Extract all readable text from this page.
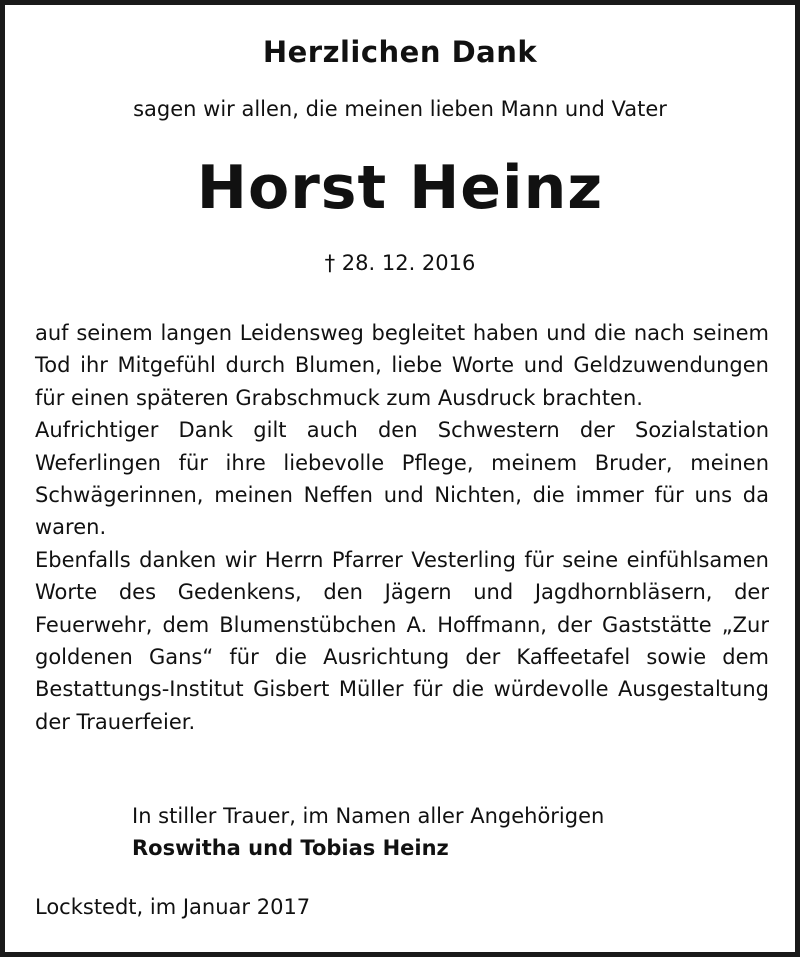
Herzlichen Dank
sagen wir allen, die meinen lieben Mann und Vater
Horst Heinz
† 28. 12. 2016
auf seinem langen Leidensweg begleitet haben und die nach seinem Tod ihr Mitgefühl durch Blumen, liebe Worte und Geldzuwendungen für einen späteren Grabschmuck zum Ausdruck brachten.
Aufrichtiger Dank gilt auch den Schwestern der Sozialstation Weferlingen für ihre liebevolle Pflege, meinem Bruder, meinen Schwägerinnen, meinen Neffen und Nichten, die immer für uns da waren.
Ebenfalls danken wir Herrn Pfarrer Vesterling für seine einfühlsamen Worte des Gedenkens, den Jägern und Jagdhornbläsern, der Feuerwehr, dem Blumenstübchen A. Hoffmann, der Gaststätte „Zur goldenen Gans“ für die Ausrichtung der Kaffeetafel sowie dem Bestattungs-Institut Gisbert Müller für die würdevolle Ausgestaltung der Trauerfeier.
In stiller Trauer, im Namen aller Angehörigen
Roswitha und Tobias Heinz
Lockstedt, im Januar 2017
